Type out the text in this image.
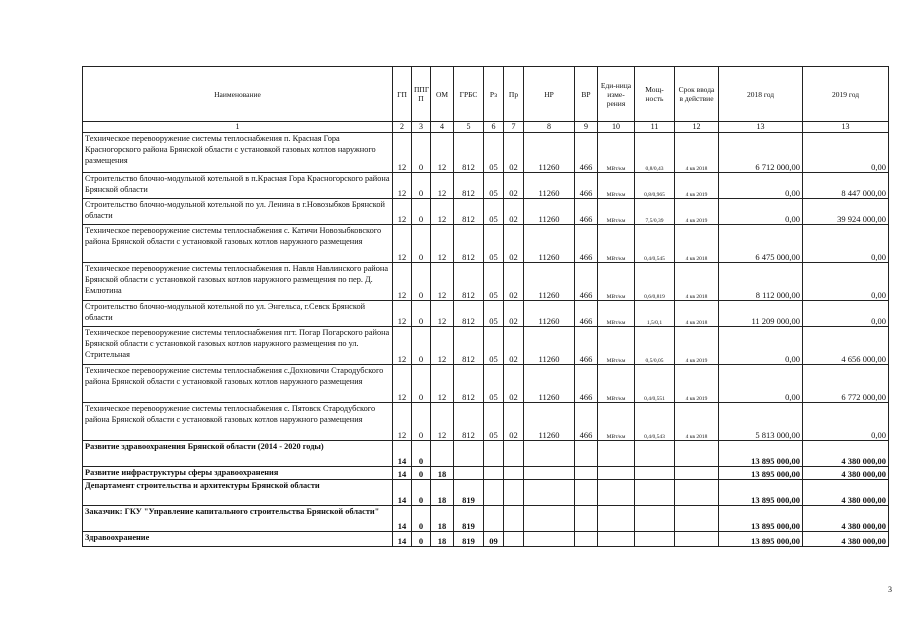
Наименование	ГП	ППГ П	ОМ	ГРБС	Рз	Пр	НР	ВР	Еди-ница изме-рения	Мощ-ность	Срок ввода в действие	2018 год	2019 год
1	2	3	4	5	6	7	8	9	10	11	12	13	13
Техническое перевооружение системы теплоснабжения п. Красная Гора Красногорского района Брянской области с установкой газовых котлов наружного размещения	12	0	12	812	05	02	11260	466	МВт/км	0,8/0,43	4 кв 2018	6 712 000,00	0,00
Строительство блочно-модульной котельной в п.Красная Гора Красногорского района Брянской области	12	0	12	812	05	02	11260	466	МВт/км	0,8/0,965	4 кв 2019	0,00	8 447 000,00
Строительство блочно-модульной котельной по ул. Ленина в г.Новозыбков Брянской области	12	0	12	812	05	02	11260	466	МВт/км	7,5/0,39	4 кв 2019	0,00	39 924 000,00
Техническое перевооружение системы теплоснабжения с. Катичи Новозыбковского района Брянской области с установкой газовых котлов наружного размещения	12	0	12	812	05	02	11260	466	МВт/км	0,4/0,545	4 кв 2018	6 475 000,00	0,00
Техническое перевооружение системы теплоснабжения п. Навля Навлинского района Брянской области с установкой газовых котлов наружного размещения по пер. Д. Емлютина	12	0	12	812	05	02	11260	466	МВт/км	0,6/0,819	4 кв 2018	8 112 000,00	0,00
Строительство блочно-модульной котельной по ул. Энгельса, г.Севск Брянской области	12	0	12	812	05	02	11260	466	МВт/км	1,5/0,1	4 кв 2018	11 209 000,00	0,00
Техническое перевооружение системы теплоснабжения пгт. Погар Погарского района Брянской области с установкой газовых котлов наружного размещения по ул. Стрительная	12	0	12	812	05	02	11260	466	МВт/км	0,5/0,05	4 кв 2019	0,00	4 656 000,00
Техническое перевооружение системы теплоснабжения с.Дохновичи Стародубского района Брянской области с установкой газовых котлов наружного размещения	12	0	12	812	05	02	11260	466	МВт/км	0,4/0,551	4 кв 2019	0,00	6 772 000,00
Техническое перевооружение системы теплоснабжения с. Пятовск Стародубского района Брянской области с установкой газовых котлов наружного размещения	12	0	12	812	05	02	11260	466	МВт/км	0,4/0,543	4 кв 2018	5 813 000,00	0,00
Развитие здравоохранения Брянской области (2014 - 2020 годы)	14	0										13 895 000,00	4 380 000,00
Развитие инфраструктуры сферы здравоохранения	14	0	18									13 895 000,00	4 380 000,00
Департамент строительства и архитектуры Брянской области	14	0	18	819								13 895 000,00	4 380 000,00
Заказчик: ГКУ "Управление капитального строительства Брянской области"	14	0	18	819								13 895 000,00	4 380 000,00
Здравоохранение	14	0	18	819	09							13 895 000,00	4 380 000,00
3
